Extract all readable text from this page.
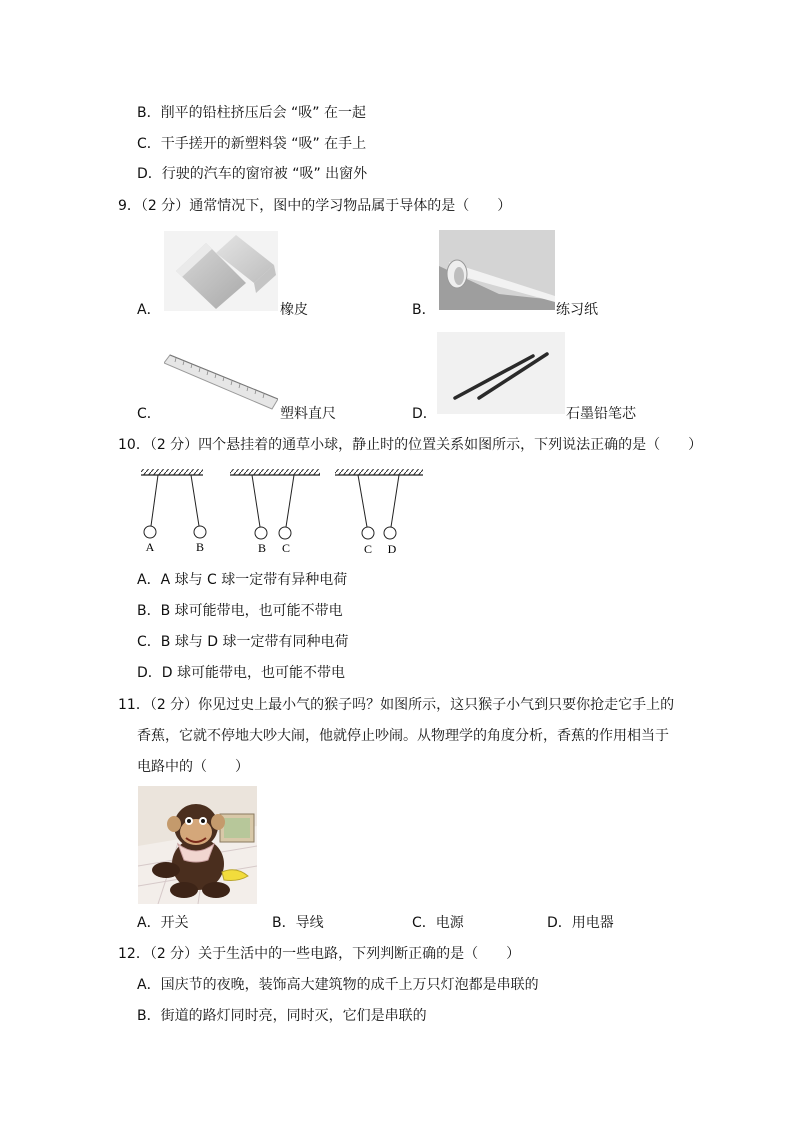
B．削平的铅柱挤压后会 “吸” 在一起
C．干手搓开的新塑料袋 “吸” 在手上
D．行驶的汽车的窗帘被 “吸” 出窗外
9．（2 分）通常情况下，图中的学习物品属于导体的是（　　）
A．	橡皮	B．	练习纸
C．	塑料直尺	D．	石墨铅笔芯
10．（2 分）四个悬挂着的通草小球，静止时的位置关系如图所示，下列说法正确的是（　　）
A	B	B C	C D
A．A 球与 C 球一定带有异种电荷
B．B 球可能带电，也可能不带电
C．B 球与 D 球一定带有同种电荷
D．D 球可能带电，也可能不带电
11．（2 分）你见过史上最小气的猴子吗？如图所示，这只猴子小气到只要你抢走它手上的
香蕉，它就不停地大吵大闹，他就停止吵闹。从物理学的角度分析，香蕉的作用相当于
电路中的（　　）
A．开关	B．导线	C．电源	D．用电器
12．（2 分）关于生活中的一些电路，下列判断正确的是（　　）
A．国庆节的夜晚，装饰高大建筑物的成千上万只灯泡都是串联的
B．街道的路灯同时亮，同时灭，它们是串联的
